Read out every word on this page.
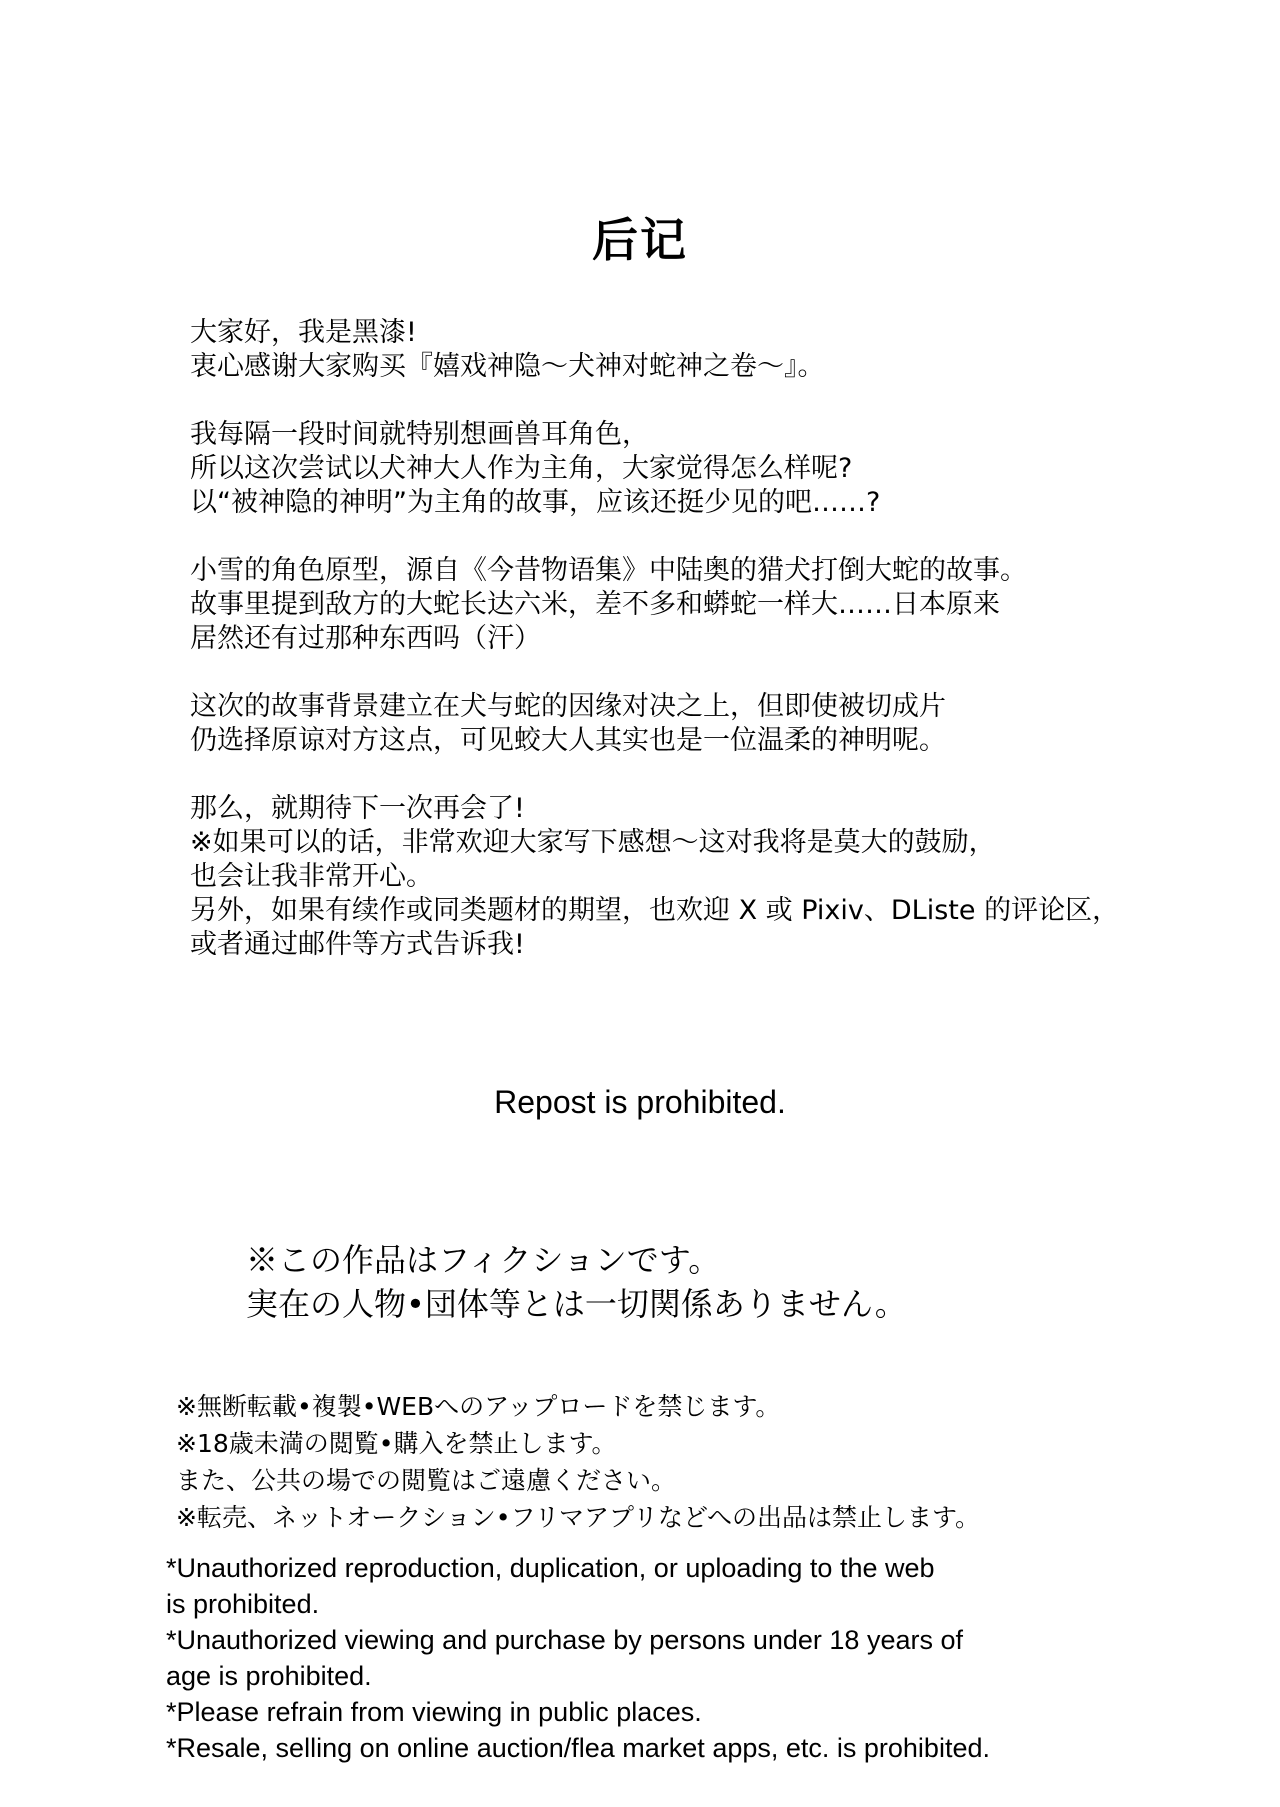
后记
大家好，我是黑漆!
衷心感谢大家购买『嬉戏神隐～犬神对蛇神之卷～』。
我每隔一段时间就特别想画兽耳角色，
所以这次尝试以犬神大人作为主角，大家觉得怎么样呢?
以“被神隐的神明”为主角的故事，应该还挺少见的吧……?
小雪的角色原型，源自《今昔物语集》中陆奥的猎犬打倒大蛇的故事。
故事里提到敌方的大蛇长达六米，差不多和蟒蛇一样大……日本原来
居然还有过那种东西吗（汗）
这次的故事背景建立在犬与蛇的因缘对决之上，但即使被切成片
仍选择原谅对方这点，可见蛟大人其实也是一位温柔的神明呢。
那么，就期待下一次再会了!
※如果可以的话，非常欢迎大家写下感想～这对我将是莫大的鼓励，
也会让我非常开心。
另外，如果有续作或同类题材的期望，也欢迎 X 或 Pixiv、DListe 的评论区，
或者通过邮件等方式告诉我!
Repost is prohibited.
※この作品はフィクションです。
実在の人物•団体等とは一切関係ありません。
※無断転載•複製•WEBへのアップロードを禁じます。
※18歳未満の閲覧•購入を禁止します。
また、公共の場での閲覧はご遠慮ください。
※転売、ネットオークション•フリマアプリなどへの出品は禁止します。
*Unauthorized reproduction, duplication, or uploading to the web
is prohibited.
*Unauthorized viewing and purchase by persons under 18 years of
age is prohibited.
*Please refrain from viewing in public places.
*Resale, selling on online auction/flea market apps, etc. is prohibited.
